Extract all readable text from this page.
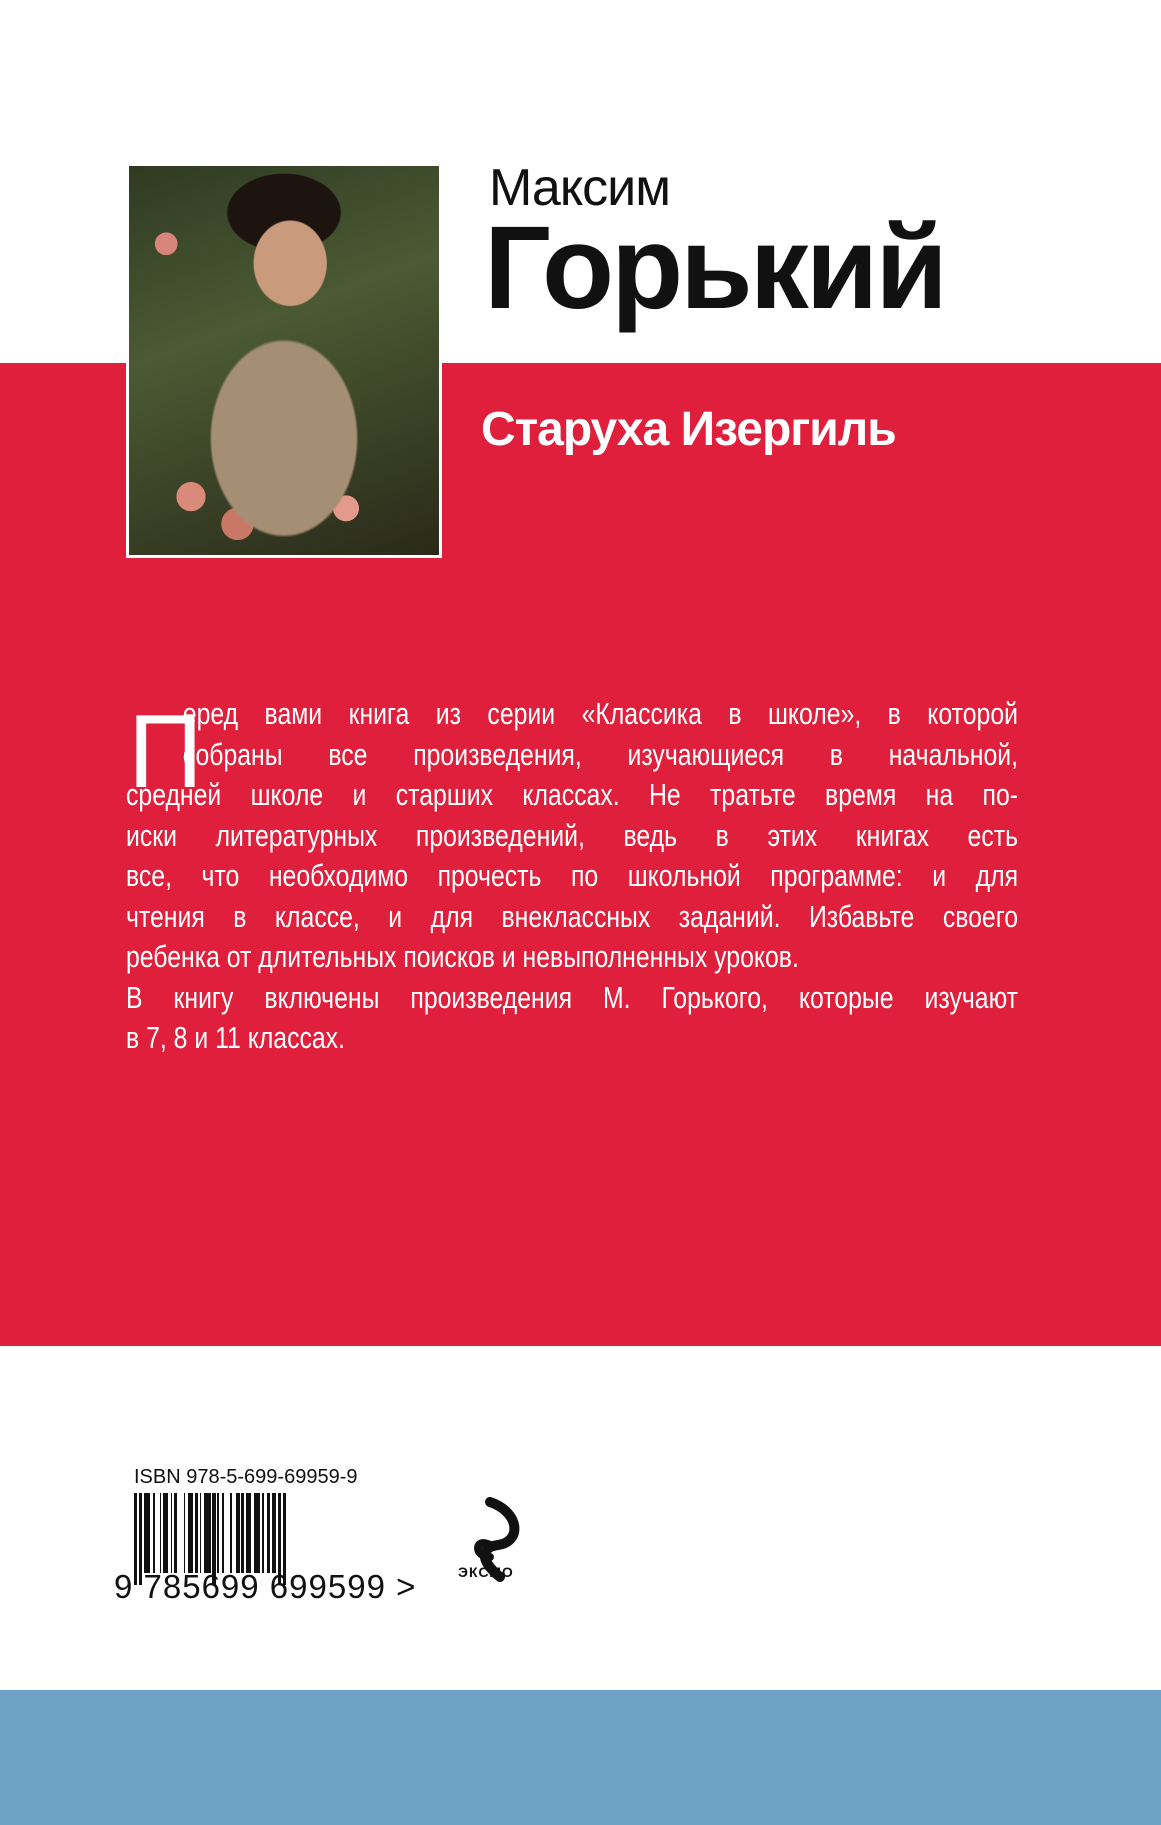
Максим
Горький
Старуха Изергиль
П
еред вами книга из серии «Классика в школе», в которой
собраны все произведения, изучающиеся в начальной,
средней школе и старших классах. Не тратьте время на по-
иски литературных произведений, ведь в этих книгах есть
все, что необходимо прочесть по школьной программе: и для
чтения в классе, и для внеклассных заданий. Избавьте своего
ребенка от длительных поисков и невыполненных уроков.
В книгу включены произведения М. Горького, которые изучают
в 7, 8 и 11 классах.
ISBN 978-5-699-69959-9
9 785699 699599 >	ЭКСМО
